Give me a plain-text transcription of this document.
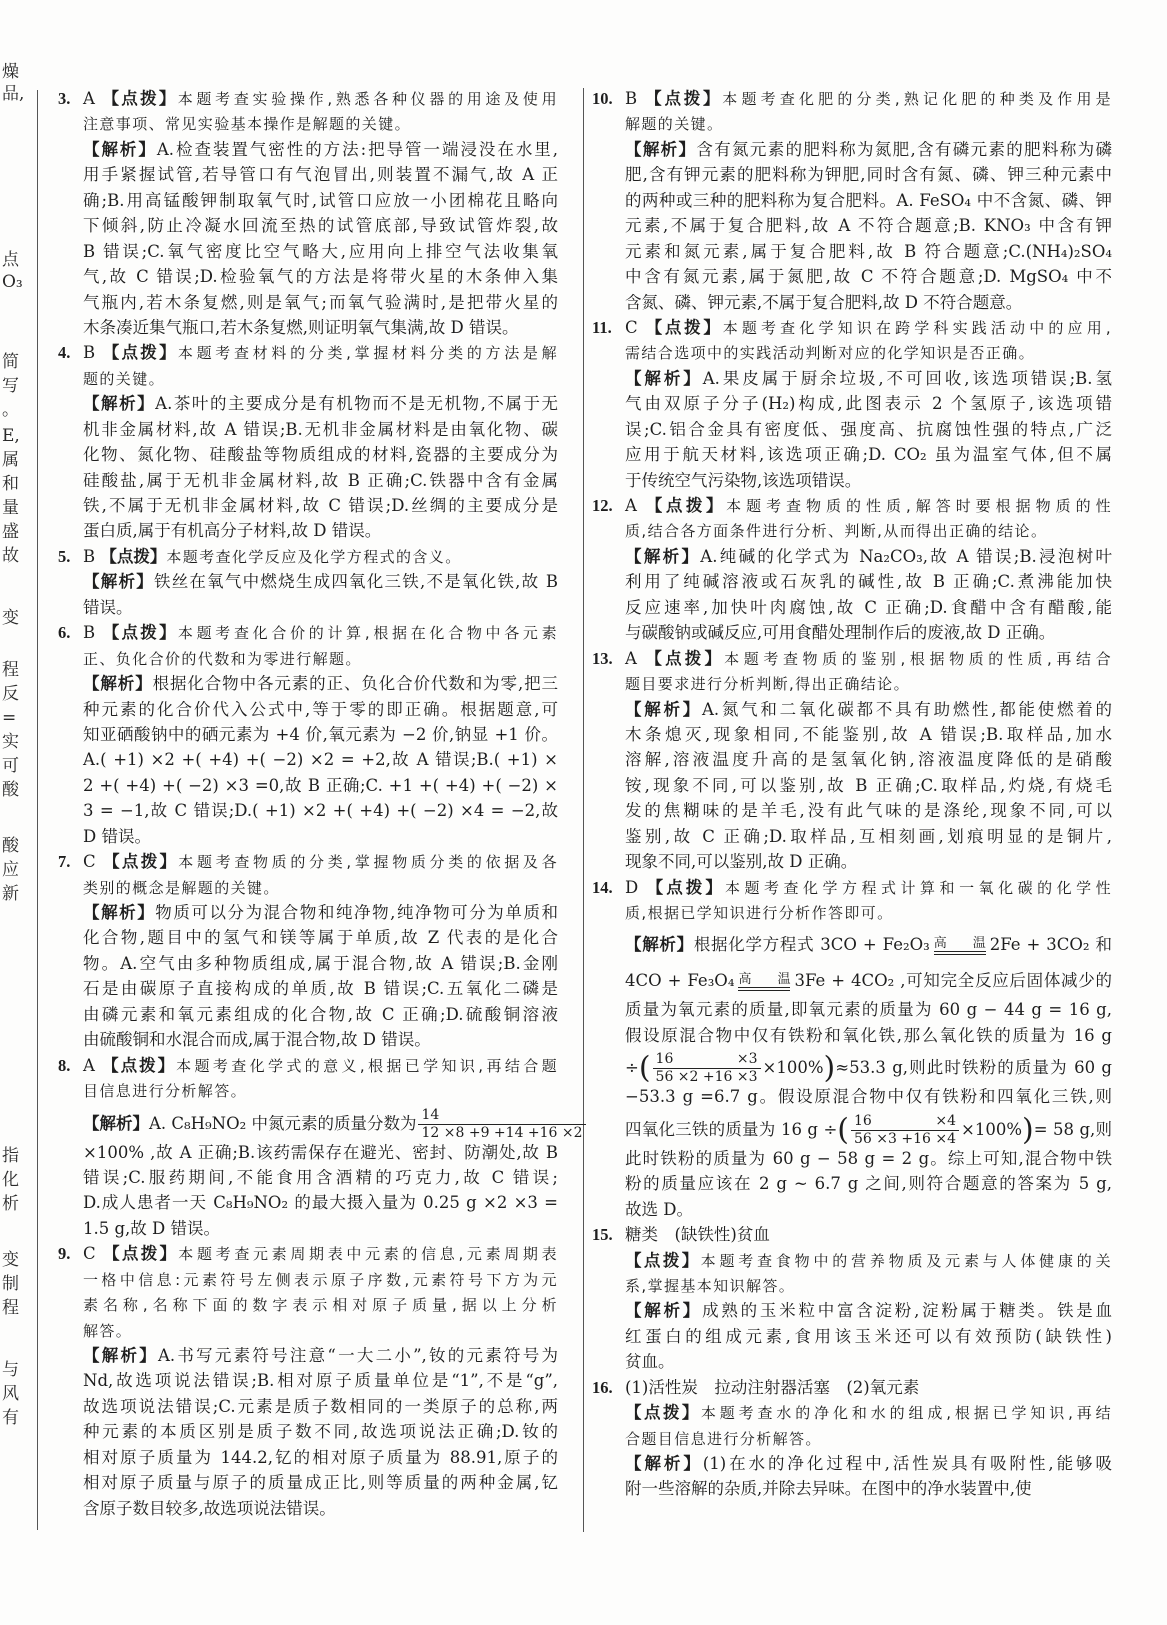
燥
品,
点
O₃
简
写
。
E,
属
和
量
盛
故
变
程
反
=
实
可
酸
酸
应
新
指
化
析
变
制
程
与
风
有
3. A 【点拨】本题考查实验操作,熟悉各种仪器的用途及使用
注意事项、常见实验基本操作是解题的关键。
【解析】A.检查装置气密性的方法:把导管一端浸没在水里,
用手紧握试管,若导管口有气泡冒出,则装置不漏气,故 A 正
确;B.用高锰酸钾制取氧气时,试管口应放一小团棉花且略向
下倾斜,防止冷凝水回流至热的试管底部,导致试管炸裂,故
B 错误;C.氧气密度比空气略大,应用向上排空气法收集氧
气,故 C 错误;D.检验氧气的方法是将带火星的木条伸入集
气瓶内,若木条复燃,则是氧气;而氧气验满时,是把带火星的
木条凑近集气瓶口,若木条复燃,则证明氧气集满,故 D 错误。
4. B 【点拨】本题考查材料的分类,掌握材料分类的方法是解
题的关键。
【解析】A.茶叶的主要成分是有机物而不是无机物,不属于无
机非金属材料,故 A 错误;B.无机非金属材料是由氧化物、碳
化物、氮化物、硅酸盐等物质组成的材料,瓷器的主要成分为
硅酸盐,属于无机非金属材料,故 B 正确;C.铁器中含有金属
铁,不属于无机非金属材料,故 C 错误;D.丝绸的主要成分是
蛋白质,属于有机高分子材料,故 D 错误。
5. B 【点拨】本题考查化学反应及化学方程式的含义。
【解析】铁丝在氧气中燃烧生成四氧化三铁,不是氧化铁,故 B
错误。
6. B 【点拨】本题考查化合价的计算,根据在化合物中各元素
正、负化合价的代数和为零进行解题。
【解析】根据化合物中各元素的正、负化合价代数和为零,把三
种元素的化合价代入公式中,等于零的即正确。根据题意,可
知亚硒酸钠中的硒元素为 +4 价,氧元素为 −2 价,钠显 +1 价。
A.( +1) ×2 +( +4) +( −2) ×2 = +2,故 A 错误;B.( +1) ×
2 +( +4) +( −2) ×3 =0,故 B 正确;C. +1 +( +4) +( −2) ×
3 = −1,故 C 错误;D.( +1) ×2 +( +4) +( −2) ×4 = −2,故
D 错误。
7. C 【点拨】本题考查物质的分类,掌握物质分类的依据及各
类别的概念是解题的关键。
【解析】物质可以分为混合物和纯净物,纯净物可分为单质和
化合物,题目中的氢气和镁等属于单质,故 Z 代表的是化合
物。A.空气由多种物质组成,属于混合物,故 A 错误;B.金刚
石是由碳原子直接构成的单质,故 B 错误;C.五氧化二磷是
由磷元素和氧元素组成的化合物,故 C 正确;D.硫酸铜溶液
由硫酸铜和水混合而成,属于混合物,故 D 错误。
8. A 【点拨】本题考查化学式的意义,根据已学知识,再结合题
目信息进行分析解答。
【解析】A. C₈H₉NO₂ 中氮元素的质量分数为 $\frac{14}{12 \times 8 +9 +14 +16 \times 2}$
×100% ,故 A 正确;B.该药需保存在避光、密封、防潮处,故 B
错误;C.服药期间,不能食用含酒精的巧克力,故 C 错误;
D.成人患者一天 C₈H₉NO₂ 的最大摄入量为 0.25 g ×2 ×3 =
1.5 g,故 D 错误。
9. C 【点拨】本题考查元素周期表中元素的信息,元素周期表
一格中信息:元素符号左侧表示原子序数,元素符号下方为元
素名称,名称下面的数字表示相对原子质量,据以上分析
解答。
【解析】A.书写元素符号注意“一大二小”,钕的元素符号为
Nd,故选项说法错误;B.相对原子质量单位是“1”,不是“g”,
故选项说法错误;C.元素是质子数相同的一类原子的总称,两
种元素的本质区别是质子数不同,故选项说法正确;D.钕的
相对原子质量为 144.2,钇的相对原子质量为 88.91,原子的
相对原子质量与原子的质量成正比,则等质量的两种金属,钇
含原子数目较多,故选项说法错误。
10. B 【点拨】本题考查化肥的分类,熟记化肥的种类及作用是
解题的关键。
【解析】含有氮元素的肥料称为氮肥,含有磷元素的肥料称为磷
肥,含有钾元素的肥料称为钾肥,同时含有氮、磷、钾三种元素中
的两种或三种的肥料称为复合肥料。A. FeSO₄ 中不含氮、磷、钾
元素,不属于复合肥料,故 A 不符合题意;B. KNO₃ 中含有钾
元素和氮元素,属于复合肥料,故 B 符合题意;C.(NH₄)₂SO₄
中含有氮元素,属于氮肥,故 C 不符合题意;D. MgSO₄ 中不
含氮、磷、钾元素,不属于复合肥料,故 D 不符合题意。
11. C 【点拨】本题考查化学知识在跨学科实践活动中的应用,
需结合选项中的实践活动判断对应的化学知识是否正确。
【解析】A.果皮属于厨余垃圾,不可回收,该选项错误;B.氢
气由双原子分子(H₂)构成,此图表示 2 个氢原子,该选项错
误;C.铝合金具有密度低、强度高、抗腐蚀性强的特点,广泛
应用于航天材料,该选项正确;D. CO₂ 虽为温室气体,但不属
于传统空气污染物,该选项错误。
12. A 【点拨】本题考查物质的性质,解答时要根据物质的性
质,结合各方面条件进行分析、判断,从而得出正确的结论。
【解析】A.纯碱的化学式为 Na₂CO₃,故 A 错误;B.浸泡树叶
利用了纯碱溶液或石灰乳的碱性,故 B 正确;C.煮沸能加快
反应速率,加快叶肉腐蚀,故 C 正确;D.食醋中含有醋酸,能
与碳酸钠或碱反应,可用食醋处理制作后的废液,故 D 正确。
13. A 【点拨】本题考查物质的鉴别,根据物质的性质,再结合
题目要求进行分析判断,得出正确结论。
【解析】A.氮气和二氧化碳都不具有助燃性,都能使燃着的
木条熄灭,现象相同,不能鉴别,故 A 错误;B.取样品,加水
溶解,溶液温度升高的是氢氧化钠,溶液温度降低的是硝酸
铵,现象不同,可以鉴别,故 B 正确;C.取样品,灼烧,有烧毛
发的焦糊味的是羊毛,没有此气味的是涤纶,现象不同,可以
鉴别,故 C 正确;D.取样品,互相刻画,划痕明显的是铜片,
现象不同,可以鉴别,故 D 正确。
14. D 【点拨】本题考查化学方程式计算和一氧化碳的化学性
质,根据已学知识进行分析作答即可。
【解析】根据化学方程式 3CO + Fe₂O₃ 高温 2Fe + 3CO₂ 和
4CO + Fe₃O₄ 高温 3Fe + 4CO₂ ,可知完全反应后固体减少的
质量为氧元素的质量,即氧元素的质量为 60 g − 44 g = 16 g,
假设原混合物中仅有铁粉和氧化铁,那么氧化铁的质量为 16 g
÷( $\frac{16 \times 3}{56 \times 2 +16 \times 3} \times 100\%)\approx 53.3$ g,则此时铁粉的质量为 60 g
−53.3 g =6.7 g。假设原混合物中仅有铁粉和四氧化三铁,则
四氧化三铁的质量为 16 g ÷( $\frac{16 \times 4}{56 \times 3 +16 \times 4} \times 100\%)= 58$ g,则
此时铁粉的质量为 60 g − 58 g = 2 g。综上可知,混合物中铁
粉的质量应该在 2 g ~ 6.7 g 之间,则符合题意的答案为 5 g,
故选 D。
15. 糖类　(缺铁性)贫血
【点拨】本题考查食物中的营养物质及元素与人体健康的关
系,掌握基本知识解答。
【解析】成熟的玉米粒中富含淀粉,淀粉属于糖类。铁是血
红蛋白的组成元素,食用该玉米还可以有效预防(缺铁性)
贫血。
16. (1)活性炭　拉动注射器活塞　(2)氧元素
【点拨】本题考查水的净化和水的组成,根据已学知识,再结
合题目信息进行分析解答。
【解析】(1)在水的净化过程中,活性炭具有吸附性,能够吸
附一些溶解的杂质,并除去异味。在图中的净水装置中,使
